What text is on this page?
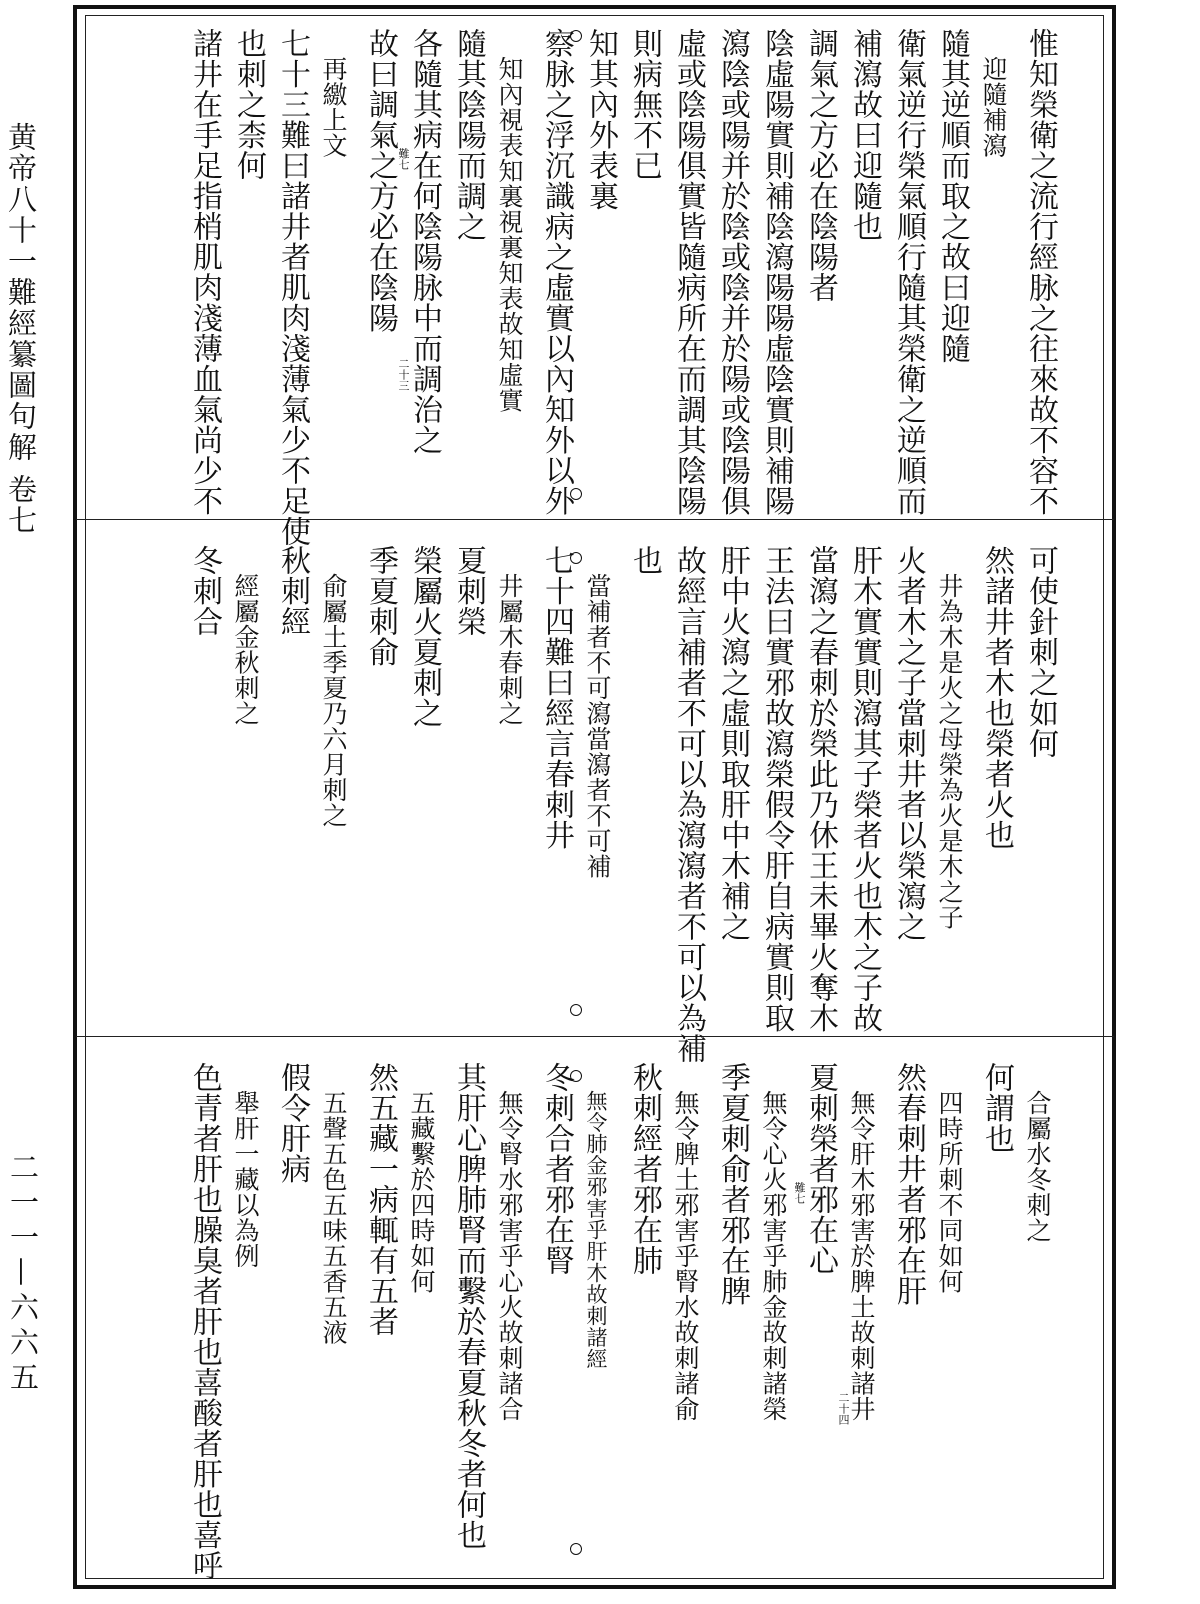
黄帝八十一難經纂圖句解 卷七
二一一—六六五
惟知榮衛之流行經脉之往來故不容不
迎隨補瀉
隨其逆順而取之故曰迎隨
衛氣逆行榮氣順行隨其榮衛之逆順而
補瀉故曰迎隨也
調氣之方必在陰陽者
陰虛陽實則補陰瀉陽陽虛陰實則補陽
瀉陰或陽并於陰或陰并於陽或陰陽俱
虛或陰陽俱實皆隨病所在而調其陰陽
則病無不已
知其內外表裏
察脉之浮沉識病之虛實以內知外以外
知內視表知裏視裏知表故知虛實
隨其陰陽而調之
各隨其病在何陰陽脉中而調治之
故曰調氣之方必在陰陽
再繳上文
七十三難曰諸井者肌肉淺薄氣少不足使
也刺之柰何
諸井在手足指梢肌肉淺薄血氣尚少不	二十三
難七
可使針刺之如何
然諸井者木也榮者火也
井為木是火之母榮為火是木之子
火者木之子當刺井者以榮瀉之
肝木實實則瀉其子榮者火也木之子故
當瀉之春刺於榮此乃休王未畢火奪木
王法曰實邪故瀉榮假令肝自病實則取
肝中火瀉之虛則取肝中木補之
故經言補者不可以為瀉瀉者不可以為補
也
當補者不可瀉當瀉者不可補
七十四難曰經言春刺井
井屬木春刺之
夏刺榮
榮屬火夏刺之
季夏刺俞
俞屬土季夏乃六月刺之
秋刺經
經屬金秋刺之
冬刺合
合屬水冬刺之
何謂也
四時所刺不同如何
然春刺井者邪在肝
無令肝木邪害於脾土故刺諸井
夏刺榮者邪在心
無令心火邪害乎肺金故刺諸榮
季夏刺俞者邪在脾
無令脾土邪害乎腎水故刺諸俞
秋刺經者邪在肺
無令肺金邪害乎肝木故刺諸經
冬刺合者邪在腎
無令腎水邪害乎心火故刺諸合
其肝心脾肺腎而繫於春夏秋冬者何也
五藏繫於四時如何
然五藏一病輒有五者
五聲五色五味五香五液
假令肝病
舉肝一藏以為例
色青者肝也臊臭者肝也喜酸者肝也喜呼	二十四
難七
